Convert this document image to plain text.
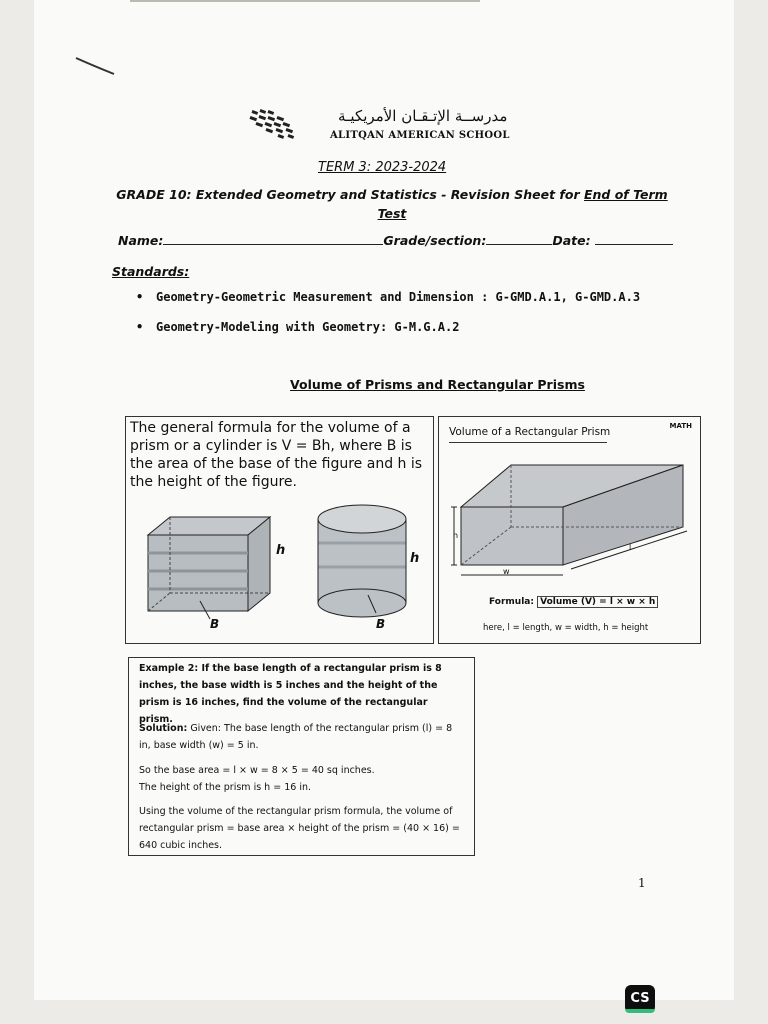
مدرســة الإتـقـان الأمريكيـة
ALITQAN AMERICAN SCHOOL
TERM 3: 2023-2024
GRADE 10: Extended Geometry and Statistics - Revision Sheet for End of Term
Test
Name:	Grade/section:	Date:
Standards:
• Geometry-Geometric Measurement and Dimension : G-GMD.A.1, G-GMD.A.3
• Geometry-Modeling with Geometry: G-M.G.A.2
Volume of Prisms and Rectangular Prisms
The general formula for the volume of a prism or a cylinder is V = Bh, where B is the area of the base of the figure and h is the height of the figure.
h
B
h
B
Volume of a Rectangular Prism	MATH
h
l
w
Formula: Volume (V) = l × w × h
here, l = length, w = width, h = height

Example 2: If the base length of a rectangular prism is 8 inches, the base width is 5 inches and the height of the prism is 16 inches, find the volume of the rectangular prism.

Solution: Given: The base length of the rectangular prism (l) = 8 in, base width (w) = 5 in.

So the base area = l × w = 8 × 5 = 40 sq inches.

The height of the prism is h = 16 in.

Using the volume of the rectangular prism formula, the volume of rectangular prism = base area × height of the prism = (40 × 16) = 640 cubic inches.

1
CS
